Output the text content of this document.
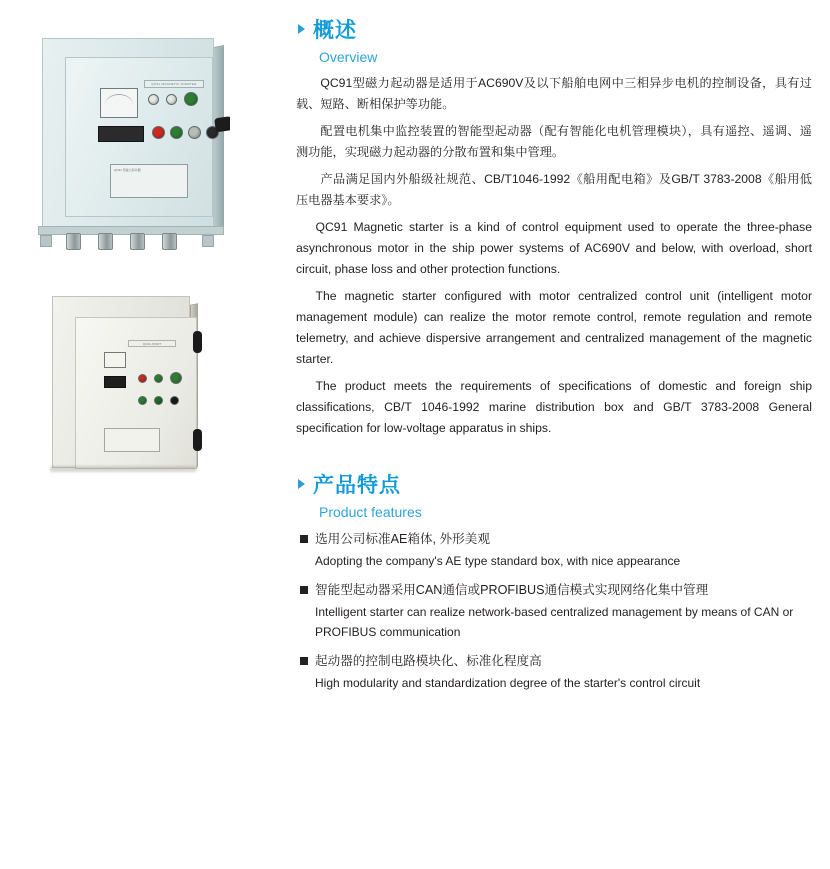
QC91 MAGNETIC STARTER
QC91 型磁力起动器
QC91-START
概述
Overview

QC91型磁力起动器是适用于AC690V及以下船舶电网中三相异步电机的控制设备，具有过载、短路、断相保护等功能。

配置电机集中监控装置的智能型起动器（配有智能化电机管理模块），具有遥控、遥调、遥测功能，实现磁力起动器的分散布置和集中管理。

产品满足国内外船级社规范、CB/T1046-1992《船用配电箱》及GB/T 3783-2008《船用低压电器基本要求》。

QC91 Magnetic starter is a kind of control equipment used to operate the three-phase asynchronous motor in the ship power systems of AC690V and below, with overload, short circuit, phase loss and other protection functions.

The magnetic starter configured with motor centralized control unit (intelligent motor management module) can realize the motor remote control, remote regulation and remote telemetry, and achieve dispersive arrangement and centralized management of the magnetic starter.

The product meets the requirements of specifications of domestic and foreign ship classifications, CB/T 1046-1992 marine distribution box and GB/T 3783-2008 General specification for low-voltage apparatus in ships.

产品特点
Product features
选用公司标准AE箱体, 外形美观
Adopting the company's AE type standard box, with nice appearance
智能型起动器采用CAN通信或PROFIBUS通信模式实现网络化集中管理
Intelligent starter can realize network-based centralized management by means of CAN or PROFIBUS communication
起动器的控制电路模块化、标准化程度高
High modularity and standardization degree of the starter's control circuit
